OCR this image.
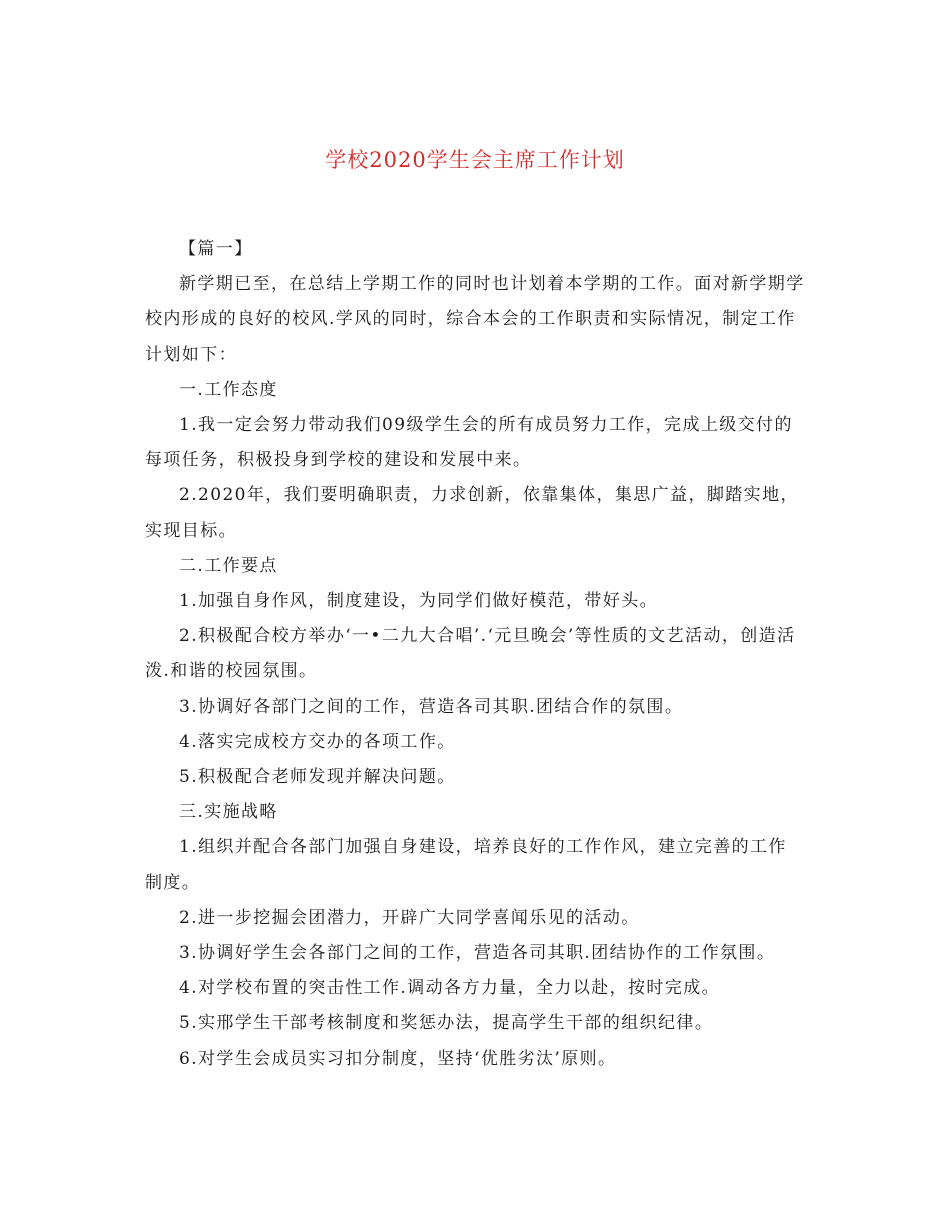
学校2020学生会主席工作计划

【篇一】

新学期已至，在总结上学期工作的同时也计划着本学期的工作。面对新学期学校内形成的良好的校风.学风的同时，综合本会的工作职责和实际情况，制定工作计划如下：

一.工作态度

1.我一定会努力带动我们09级学生会的所有成员努力工作，完成上级交付的每项任务，积极投身到学校的建设和发展中来。

2.2020年，我们要明确职责，力求创新，依靠集体，集思广益，脚踏实地，实现目标。

二.工作要点

1.加强自身作风，制度建设，为同学们做好模范，带好头。

2.积极配合校方举办‘一•二九大合唱’.‘元旦晚会’等性质的文艺活动，创造活泼.和谐的校园氛围。

3.协调好各部门之间的工作，营造各司其职.团结合作的氛围。

4.落实完成校方交办的各项工作。

5.积极配合老师发现并解决问题。

三.实施战略

1.组织并配合各部门加强自身建设，培养良好的工作作风，建立完善的工作制度。

2.进一步挖掘会团潜力，开辟广大同学喜闻乐见的活动。

3.协调好学生会各部门之间的工作，营造各司其职.团结协作的工作氛围。

4.对学校布置的突击性工作.调动各方力量，全力以赴，按时完成。

5.实邢学生干部考核制度和奖惩办法，提高学生干部的组织纪律。

6.对学生会成员实习扣分制度，坚持‘优胜劣汰’原则。
